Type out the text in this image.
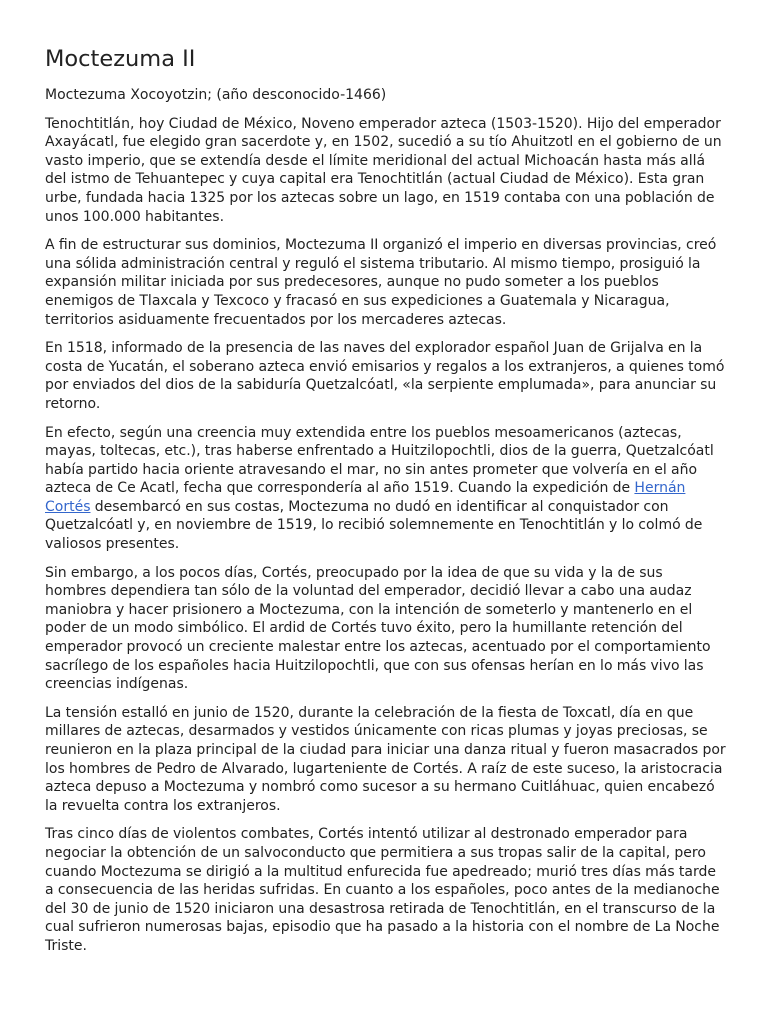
Moctezuma II

Moctezuma Xocoyotzin; (año desconocido-1466)

Tenochtitlán, hoy Ciudad de México, Noveno emperador azteca (1503-1520). Hijo del emperador Axayácatl, fue elegido gran sacerdote y, en 1502, sucedió a su tío Ahuitzotl en el gobierno de un vasto imperio, que se extendía desde el límite meridional del actual Michoacán hasta más allá del istmo de Tehuantepec y cuya capital era Tenochtitlán (actual Ciudad de México). Esta gran urbe, fundada hacia 1325 por los aztecas sobre un lago, en 1519 contaba con una población de unos 100.000 habitantes.

A fin de estructurar sus dominios, Moctezuma II organizó el imperio en diversas provincias, creó una sólida administración central y reguló el sistema tributario. Al mismo tiempo, prosiguió la expansión militar iniciada por sus predecesores, aunque no pudo someter a los pueblos enemigos de Tlaxcala y Texcoco y fracasó en sus expediciones a Guatemala y Nicaragua, territorios asiduamente frecuentados por los mercaderes aztecas.

En 1518, informado de la presencia de las naves del explorador español Juan de Grijalva en la costa de Yucatán, el soberano azteca envió emisarios y regalos a los extranjeros, a quienes tomó por enviados del dios de la sabiduría Quetzalcóatl, «la serpiente emplumada», para anunciar su retorno.

En efecto, según una creencia muy extendida entre los pueblos mesoamericanos (aztecas, mayas, toltecas, etc.), tras haberse enfrentado a Huitzilopochtli, dios de la guerra, Quetzalcóatl había partido hacia oriente atravesando el mar, no sin antes prometer que volvería en el año azteca de Ce Acatl, fecha que correspondería al año 1519. Cuando la expedición de Hernán Cortés desembarcó en sus costas, Moctezuma no dudó en identificar al conquistador con Quetzalcóatl y, en noviembre de 1519, lo recibió solemnemente en Tenochtitlán y lo colmó de valiosos presentes.

Sin embargo, a los pocos días, Cortés, preocupado por la idea de que su vida y la de sus hombres dependiera tan sólo de la voluntad del emperador, decidió llevar a cabo una audaz maniobra y hacer prisionero a Moctezuma, con la intención de someterlo y mantenerlo en el poder de un modo simbólico. El ardid de Cortés tuvo éxito, pero la humillante retención del emperador provocó un creciente malestar entre los aztecas, acentuado por el comportamiento sacrílego de los españoles hacia Huitzilopochtli, que con sus ofensas herían en lo más vivo las creencias indígenas.

La tensión estalló en junio de 1520, durante la celebración de la fiesta de Toxcatl, día en que millares de aztecas, desarmados y vestidos únicamente con ricas plumas y joyas preciosas, se reunieron en la plaza principal de la ciudad para iniciar una danza ritual y fueron masacrados por los hombres de Pedro de Alvarado, lugarteniente de Cortés. A raíz de este suceso, la aristocracia azteca depuso a Moctezuma y nombró como sucesor a su hermano Cuitláhuac, quien encabezó la revuelta contra los extranjeros.

Tras cinco días de violentos combates, Cortés intentó utilizar al destronado emperador para negociar la obtención de un salvoconducto que permitiera a sus tropas salir de la capital, pero cuando Moctezuma se dirigió a la multitud enfurecida fue apedreado; murió tres días más tarde a consecuencia de las heridas sufridas. En cuanto a los españoles, poco antes de la medianoche del 30 de junio de 1520 iniciaron una desastrosa retirada de Tenochtitlán, en el transcurso de la cual sufrieron numerosas bajas, episodio que ha pasado a la historia con el nombre de La Noche Triste.
